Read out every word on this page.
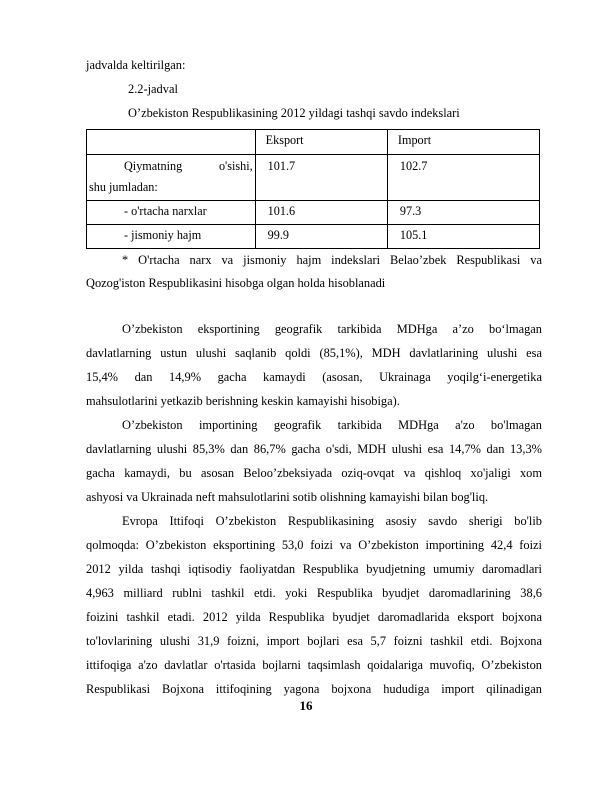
jadvalda keltirilgan:
2.2-jadval
O’zbekiston Respublikasining 2012 yildagi tashqi savdo indekslari

	Eksport	Import

Qiymatning o'sishi,
shu jumladan:	101.7	102.7

- o'rtacha narxlar	101.6	97.3

- jismoniy hajm	99.9	105.1
* O'rtacha narx va jismoniy hajm indekslari Belao’zbek Respublikasi va
Qozog'iston Respublikasini hisobga olgan holda hisoblanadi
O’zbekiston eksportining geografik tarkibida MDHga a’zo bo‘lmagan
davlatlarning ustun ulushi saqlanib qoldi (85,1%), MDH davlatlarining ulushi esa
15,4% dan 14,9% gacha kamaydi (asosan, Ukrainaga yoqilg‘i-energetika
mahsulotlarini yetkazib berishning keskin kamayishi hisobiga).
O’zbekiston importining geografik tarkibida MDHga a'zo bo'lmagan
davlatlarning ulushi 85,3% dan 86,7% gacha o'sdi, MDH ulushi esa 14,7% dan 13,3%
gacha kamaydi, bu asosan Beloo’zbeksiyada oziq-ovqat va qishloq xo'jaligi xom
ashyosi va Ukrainada neft mahsulotlarini sotib olishning kamayishi bilan bog'liq.
Evropa Ittifoqi O’zbekiston Respublikasining asosiy savdo sherigi bo'lib
qolmoqda: O’zbekiston eksportining 53,0 foizi va O’zbekiston importining 42,4 foizi
2012 yilda tashqi iqtisodiy faoliyatdan Respublika byudjetning umumiy daromadlari
4,963 milliard rublni tashkil etdi. yoki Respublika byudjet daromadlarining 38,6
foizini tashkil etadi. 2012 yilda Respublika byudjet daromadlarida eksport bojxona
to'lovlarining ulushi 31,9 foizni, import bojlari esa 5,7 foizni tashkil etdi. Bojxona
ittifoqiga a'zo davlatlar o'rtasida bojlarni taqsimlash qoidalariga muvofiq, O’zbekiston
Respublikasi Bojxona ittifoqining yagona bojxona hududiga import qilinadigan
16
